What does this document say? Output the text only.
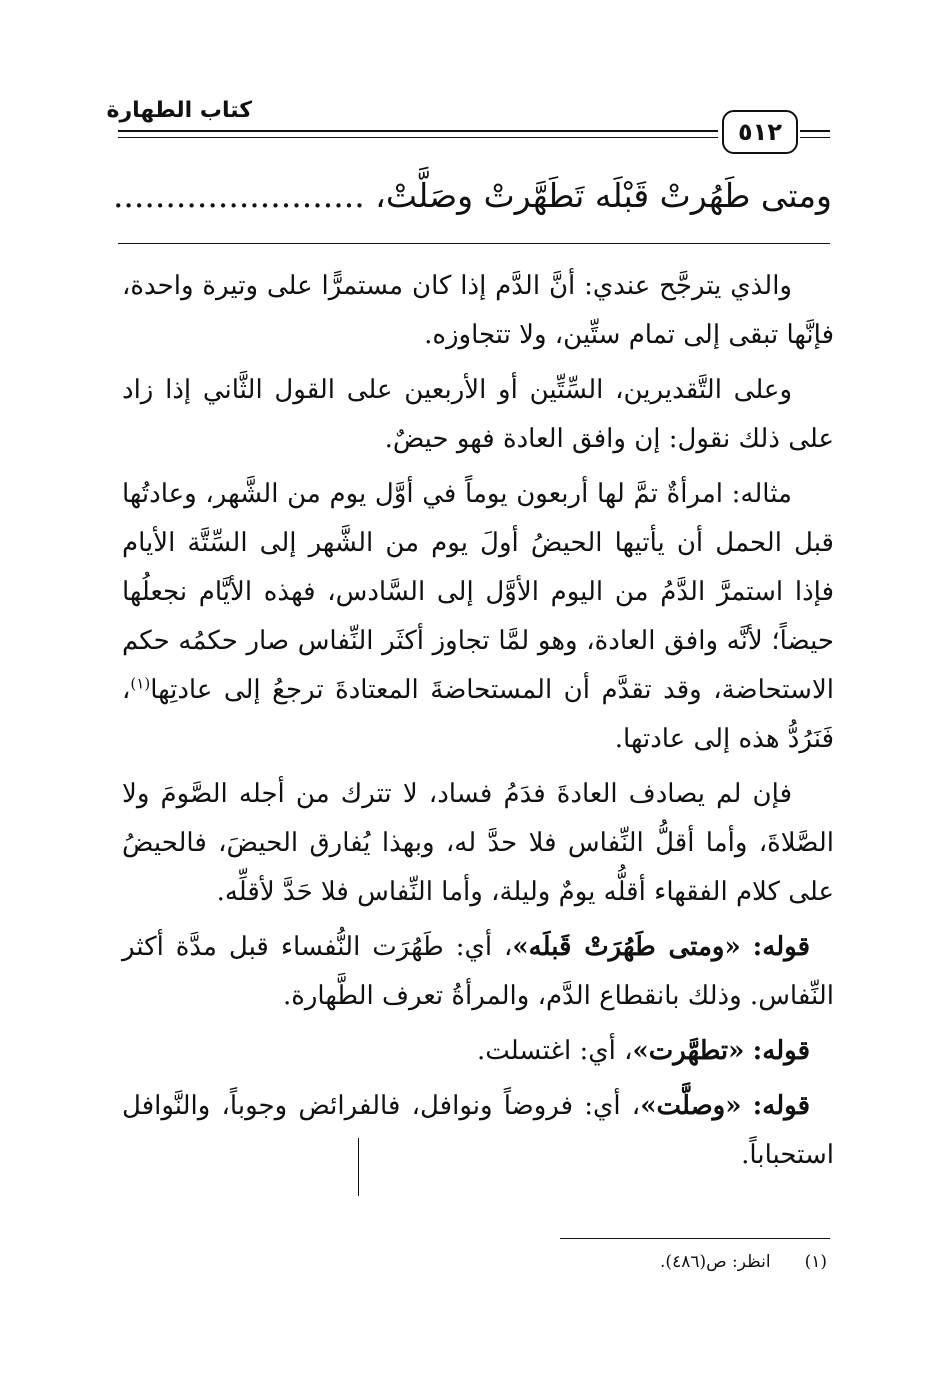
كتاب الطهارة
٥١٢
ومتى طَهُرتْ قَبْلَه تَطَهَّرتْ وصَلَّتْ، ........................

والذي يترجَّح عندي: أنَّ الدَّم إذا كان مستمرًّا على وتيرة واحدة، فإنَّها تبقى إلى تمام ستِّين، ولا تتجاوزه.

وعلى التَّقديرين، السِّتِّين أو الأربعين على القول الثَّاني إذا زاد على ذلك نقول: إن وافق العادة فهو حيضٌ.

مثاله: امرأةٌ تمَّ لها أربعون يوماً في أوَّل يوم من الشَّهر، وعادتُها قبل الحمل أن يأتيها الحيضُ أولَ يوم من الشَّهر إلى السِّتَّة الأيام فإذا استمرَّ الدَّمُ من اليوم الأوَّل إلى السَّادس، فهذه الأيَّام نجعلُها حيضاً؛ لأنَّه وافق العادة، وهو لمَّا تجاوز أكثَر النِّفاس صار حكمُه حكم الاستحاضة، وقد تقدَّم أن المستحاضةَ المعتادةَ ترجعُ إلى عادتِها$^{(١)}$، فَنَرُدُّ هذه إلى عادتها.

فإن لم يصادف العادةَ فدَمُ فساد، لا تترك من أجله الصَّومَ ولا الصَّلاةَ، وأما أقلُّ النِّفاس فلا حدَّ له، وبهذا يُفارق الحيضَ، فالحيضُ على كلام الفقهاء أقلُّه يومٌ وليلة، وأما النِّفاس فلا حَدَّ لأقلِّه.

قوله: «ومتى طَهُرَتْ قَبلَه»، أي: طَهُرَت النُّفساء قبل مدَّة أكثر النِّفاس. وذلك بانقطاع الدَّم، والمرأةُ تعرف الطَّهارة.

قوله: «تطهَّرت»، أي: اغتسلت.

قوله: «وصلَّت»، أي: فروضاً ونوافل، فالفرائض وجوباً، والنَّوافل استحباباً.

(١)انظر: ص(٤٨٦).
